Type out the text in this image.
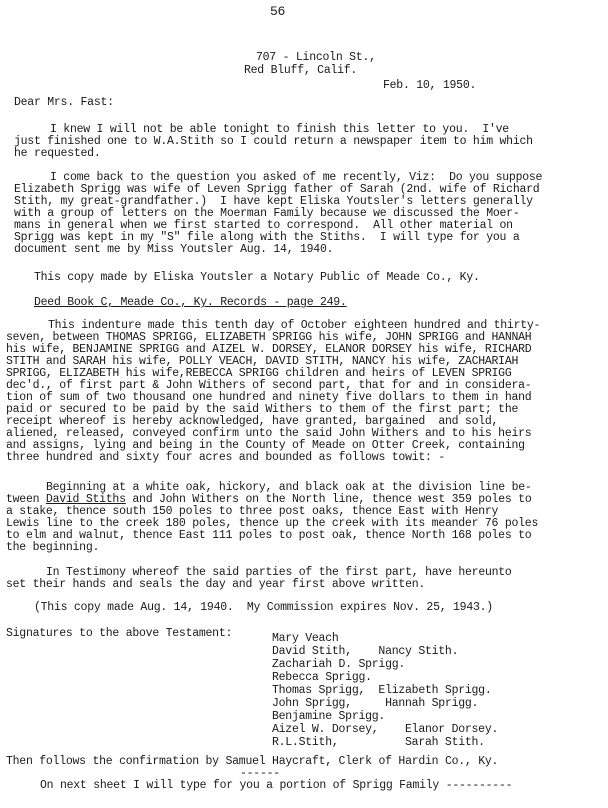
56
707 - Lincoln St.,
Red Bluff, Calif.
Feb. 10, 1950.
Dear Mrs. Fast:
I knew I will not be able tonight to finish this letter to you.  I've
just finished one to W.A.Stith so I could return a newspaper item to him which
he requested.
I come back to the question you asked of me recently, Viz:  Do you suppose
Elizabeth Sprigg was wife of Leven Sprigg father of Sarah (2nd. wife of Richard
Stith, my great-grandfather.)  I have kept Eliska Youtsler's letters generally
with a group of letters on the Moerman Family because we discussed the Moer-
mans in general when we first started to correspond.  All other material on
Sprigg was kept in my "S" file along with the Stiths.  I will type for you a
document sent me by Miss Youtsler Aug. 14, 1940.
This copy made by Eliska Youtsler a Notary Public of Meade Co., Ky.
Deed Book C, Meade Co., Ky. Records - page 249.
This indenture made this tenth day of October eighteen hundred and thirty-
seven, between THOMAS SPRIGG, ELIZABETH SPRIGG his wife, JOHN SPRIGG and HANNAH
his wife, BENJAMINE SPRIGG and AIZEL W. DORSEY, ELANOR DORSEY his wife, RICHARD
STITH and SARAH his wife, POLLY VEACH, DAVID STITH, NANCY his wife, ZACHARIAH
SPRIGG, ELIZABETH his wife,REBECCA SPRIGG children and heirs of LEVEN SPRIGG
dec'd., of first part & John Withers of second part, that for and in considera-
tion of sum of two thousand one hundred and ninety five dollars to them in hand
paid or secured to be paid by the said Withers to them of the first part; the
receipt whereof is hereby acknowledged, have granted, bargained  and sold,
aliened, released, conveyed confirm unto the said John Withers and to his heirs
and assigns, lying and being in the County of Meade on Otter Creek, containing
three hundred and sixty four acres and bounded as follows towit: -
Beginning at a white oak, hickory, and black oak at the division line be-
tween David Stiths and John Withers on the North line, thence west 359 poles to
a stake, thence south 150 poles to three post oaks, thence East with Henry
Lewis line to the creek 180 poles, thence up the creek with its meander 76 poles
to elm and walnut, thence East 111 poles to post oak, thence North 168 poles to
the beginning.
In Testimony whereof the said parties of the first part, have hereunto
set their hands and seals the day and year first above written.
(This copy made Aug. 14, 1940.  My Commission expires Nov. 25, 1943.)
Signatures to the above Testament:	Mary Veach
David Stith,    Nancy Stith.
Zachariah D. Sprigg.
Rebecca Sprigg.
Thomas Sprigg,  Elizabeth Sprigg.
John Sprigg,     Hannah Sprigg.
Benjamine Sprigg.
Aizel W. Dorsey,    Elanor Dorsey.
R.L.Stith,          Sarah Stith.
Then follows the confirmation by Samuel Haycraft, Clerk of Hardin Co., Ky.
------
On next sheet I will type for you a portion of Sprigg Family ----------
